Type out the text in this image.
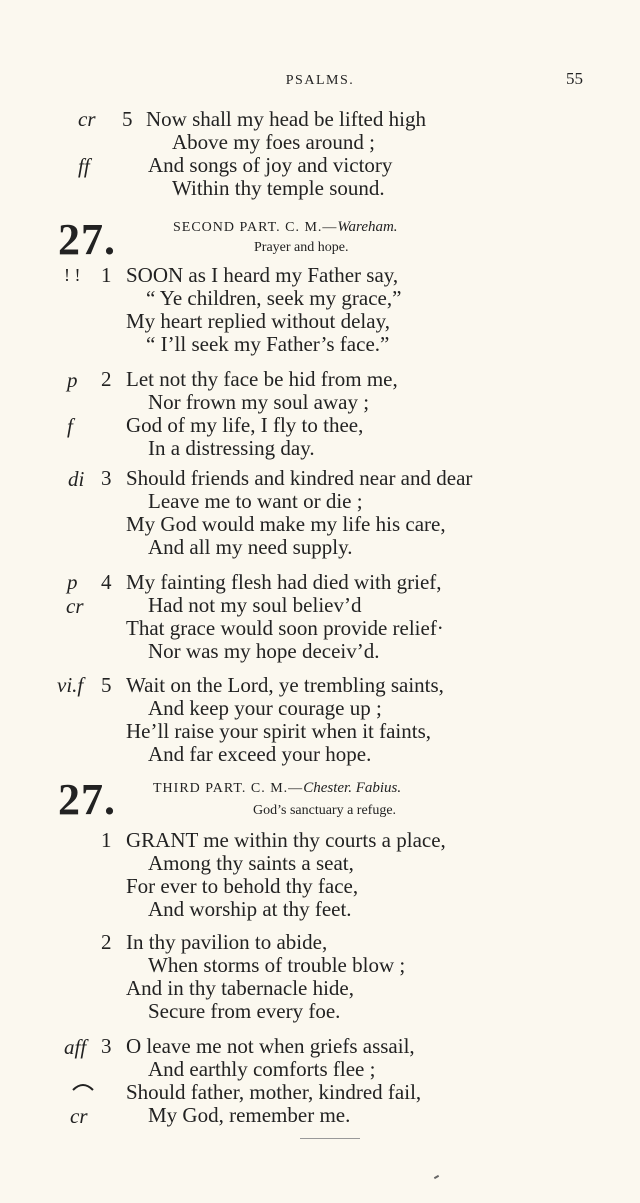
PSALMS.	55
cr 5 Now shall my head be lifted high
Above my foes around ;
ff	And songs of joy and victory
Within thy temple sound.
27.	SECOND PART. C. M.—Wareham.
Prayer and hope.
! ! 1 SOON as I heard my Father say,
“ Ye children, seek my grace,”
My heart replied without delay,
“ I’ll seek my Father’s face.”
p 2 Let not thy face be hid from me,
Nor frown my soul away ;
f	God of my life, I fly to thee,
In a distressing day.
di 3 Should friends and kindred near and dear
Leave me to want or die ;
My God would make my life his care,
And all my need supply.
p 4 My fainting flesh had died with grief,
cr	Had not my soul believ’d
That grace would soon provide relief·
Nor was my hope deceiv’d.
vi.f 5 Wait on the Lord, ye trembling saints,
And keep your courage up ;
He’ll raise your spirit when it faints,
And far exceed your hope.
27.	THIRD PART. C. M.—Chester. Fabius.
God’s sanctuary a refuge.
1 GRANT me within thy courts a place,
Among thy saints a seat,
For ever to behold thy face,
And worship at thy feet.
2 In thy pavilion to abide,
When storms of trouble blow ;
And in thy tabernacle hide,
Secure from every foe.
aff 3 O leave me not when griefs assail,
And earthly comforts flee ;
Should father, mother, kindred fail,
cr	My God, remember me.
